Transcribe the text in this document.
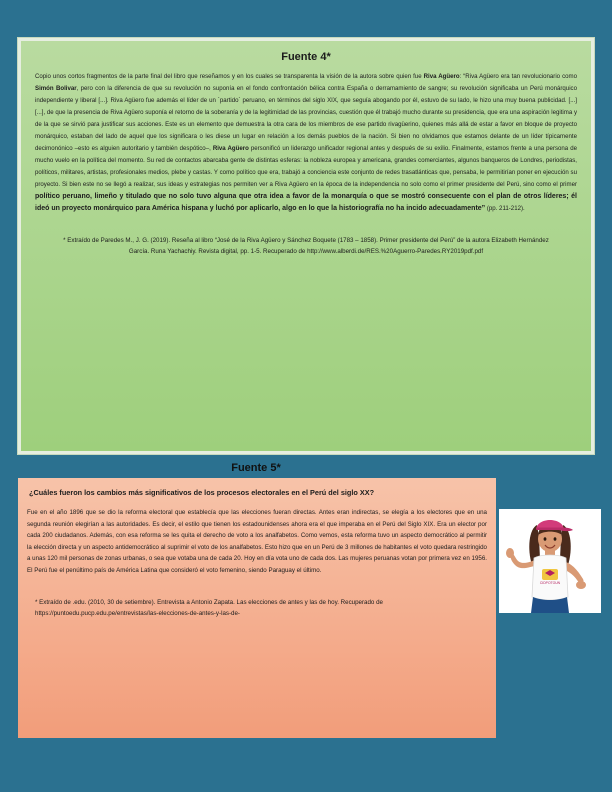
Fuente 4*

Copio unos cortos fragmentos de la parte final del libro que reseñamos y en los cuales se transparenta la visión de la autora sobre quien fue Riva Agüero: “Riva Agüero era tan revolucionario como Simón Bolivar, pero con la diferencia de que su revolución no suponía en el fondo confrontación bélica contra España o derramamiento de sangre; su revolución significaba un Perú monárquico independiente y liberal [...]. Riva Agüero fue además el líder de un ´partido´ peruano, en términos del siglo XIX, que seguía abogando por él, estuvo de su lado, le hizo una muy buena publicidad. [...] [...], de que la presencia de Riva Agüero suponía el retorno de la soberanía y de la legitimidad de las provincias, cuestión que él trabajó mucho durante su presidencia, que era una aspiración legitima y de la que se sirvió para justificar sus acciones. Este es un elemento que demuestra la otra cara de los miembros de ese partido rivagüerino, quienes más allá de estar a favor en bloque de proyecto monárquico, estaban del lado de aquel que los significara o les diese un lugar en relación a los demás pueblos de la nación. Si bien no olvidamos que estamos delante de un líder típicamente decimonónico –esto es alguien autoritario y también despótico–, Riva Agüero personificó un liderazgo unificador regional antes y después de su exilio. Finalmente, estamos frente a una persona de mucho vuelo en la política del momento. Su red de contactos abarcaba gente de distintas esferas: la nobleza europea y americana, grandes comerciantes, algunos banqueros de Londres, periodistas, políticos, militares, artistas, profesionales medios, plebe y castas. Y como político que era, trabajó a conciencia este conjunto de redes trasatlánticas que, pensaba, le permitirían poner en ejecución su proyecto. Si bien este no se llegó a realizar, sus ideas y estrategias nos permiten ver a Riva Agüero en la época de la independencia no solo como el primer presidente del Perú, sino como el primer político peruano, limeño y titulado que no solo tuvo alguna que otra idea a favor de la monarquía o que se mostró consecuente con el plan de otros líderes; él ideó un proyecto monárquico para América hispana y luchó por aplicarlo, algo en lo que la historiografía no ha incido adecuadamente” (pp. 211-212).

* Extraído de Paredes M., J. G. (2019). Reseña al libro “José de la Riva Agüero y Sánchez Boquete (1783 – 1858). Primer presidente del Perú” de la autora Elizabeth Hernández García. Runa Yachachiy. Revista digital, pp. 1-5. Recuperado de http://www.alberdi.de/RES.%20Aguerro-Paredes.RY2019pdf.pdf

Fuente 5*
¿Cuáles fueron los cambios más significativos de los procesos electorales en el Perú del siglo XX?

Fue en el año 1896 que se dio la reforma electoral que establecía que las elecciones fueran directas. Antes eran indirectas, se elegía a los electores que en una segunda reunión elegirían a las autoridades. Es decir, el estilo que tienen los estadounidenses ahora era el que imperaba en el Perú del Siglo XIX. Era un elector por cada 200 ciudadanos. Además, con esa reforma se les quita el derecho de voto a los analfabetos. Como vemos, esta reforma tuvo un aspecto democrático al permitir la elección directa y un aspecto antidemocrático al suprimir el voto de los analfabetos. Esto hizo que en un Perú de 3 millones de habitantes el voto quedara restringido a unas 120 mil personas de zonas urbanas, o sea que votaba una de cada 20. Hoy en día vota uno de cada dos. Las mujeres peruanas votan por primera vez en 1956. El Perú fue el penúltimo país de América Latina que consideró el voto femenino, siendo Paraguay el último.

* Extraído de .edu. (2010, 30 de setiembre). Entrevista a Antonio Zapata. Las elecciones de antes y las de hoy. Recuperado de https://puntoedu.pucp.edu.pe/entrevistas/las-elecciones-de-antes-y-las-de-

CIDPOTOUN
